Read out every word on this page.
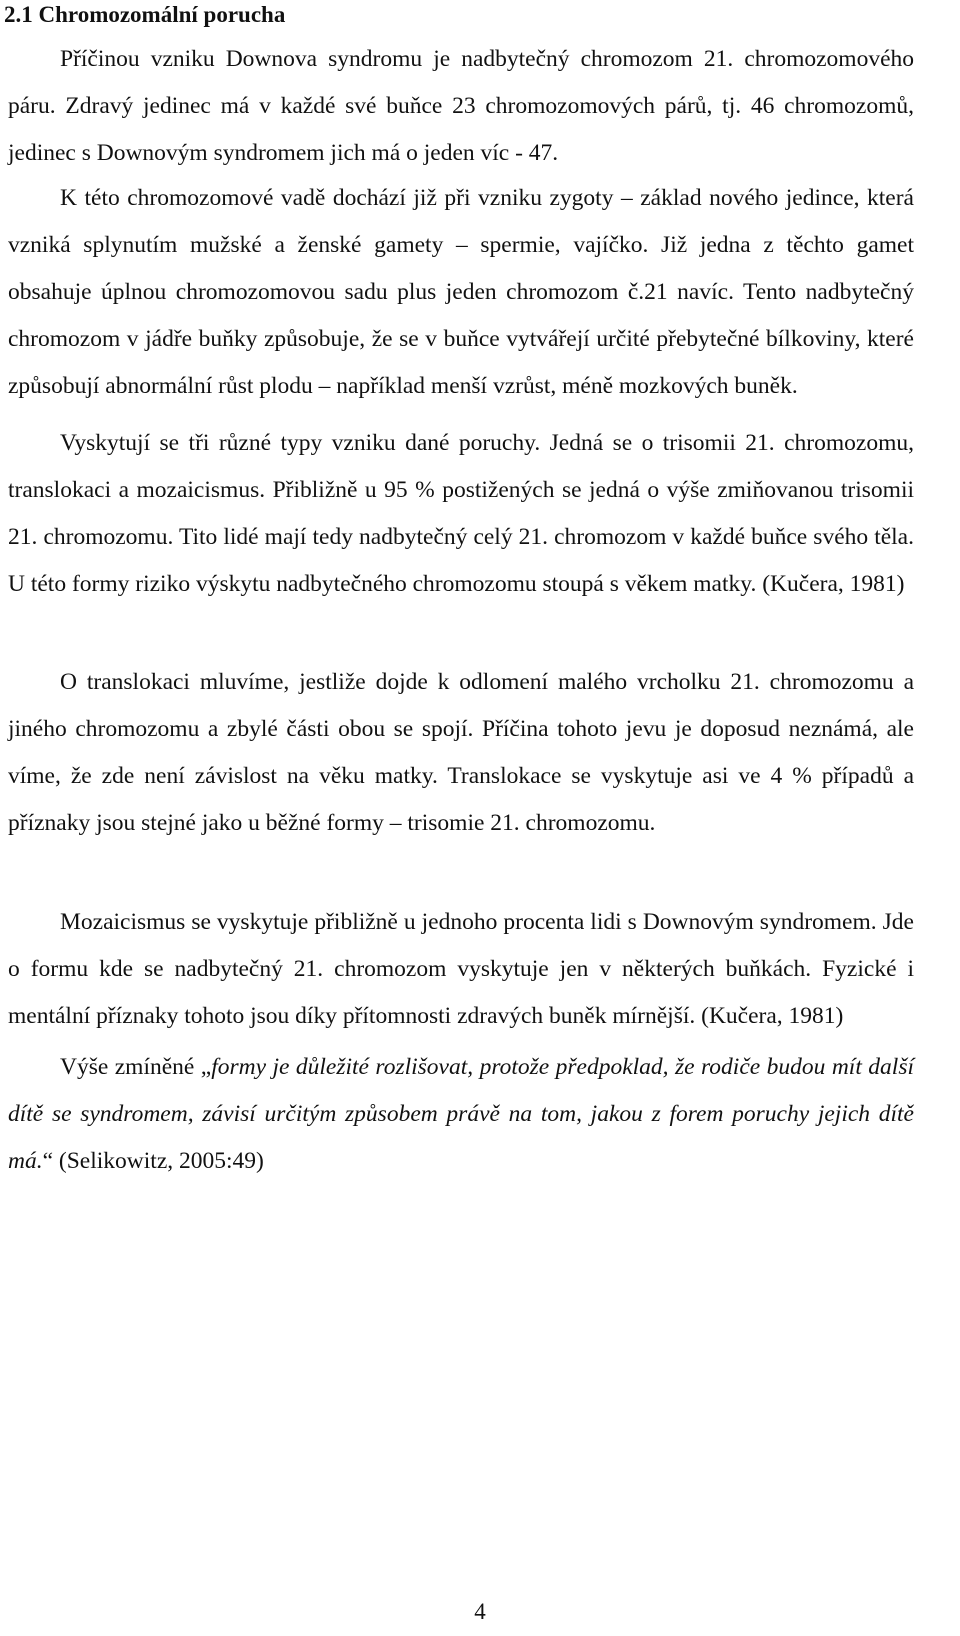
2.1 Chromozomální porucha

Příčinou vzniku Downova syndromu je nadbytečný chromozom 21. chromozomového páru. Zdravý jedinec má v každé své buňce 23 chromozomových párů, tj. 46 chromozomů, jedinec s Downovým syndromem jich má o jeden víc - 47.

K této chromozomové vadě dochází již při vzniku zygoty – základ nového jedince, která vzniká splynutím mužské a ženské gamety – spermie, vajíčko. Již jedna z těchto gamet obsahuje úplnou chromozomovou sadu plus jeden chromozom č.21 navíc. Tento nadbytečný chromozom v jádře buňky způsobuje, že se v buňce vytvářejí určité přebytečné bílkoviny, které způsobují abnormální růst plodu – například menší vzrůst, méně mozkových buněk.

Vyskytují se tři různé typy vzniku dané poruchy. Jedná se o trisomii 21. chromozomu, translokaci a mozaicismus. Přibližně u 95 % postižených se jedná o výše zmiňovanou trisomii 21. chromozomu. Tito lidé mají tedy nadbytečný celý 21. chromozom v každé buňce svého těla. U této formy riziko výskytu nadbytečného chromozomu stoupá s věkem matky. (Kučera, 1981)

O translokaci mluvíme, jestliže dojde k odlomení malého vrcholku 21. chromozomu a jiného chromozomu a zbylé části obou se spojí. Příčina tohoto jevu je doposud neznámá, ale víme, že zde není závislost na věku matky. Translokace se vyskytuje asi ve 4 % případů a příznaky jsou stejné jako u běžné formy – trisomie 21. chromozomu.

Mozaicismus se vyskytuje přibližně u jednoho procenta lidi s Downovým syndromem. Jde o formu kde se nadbytečný 21. chromozom vyskytuje jen v některých buňkách. Fyzické i mentální příznaky tohoto jsou díky přítomnosti zdravých buněk mírnější. (Kučera, 1981)

Výše zmíněné „formy je důležité rozlišovat, protože předpoklad, že rodiče budou mít další dítě se syndromem, závisí určitým způsobem právě na tom, jakou z forem poruchy jejich dítě má.“ (Selikowitz, 2005:49)

4
